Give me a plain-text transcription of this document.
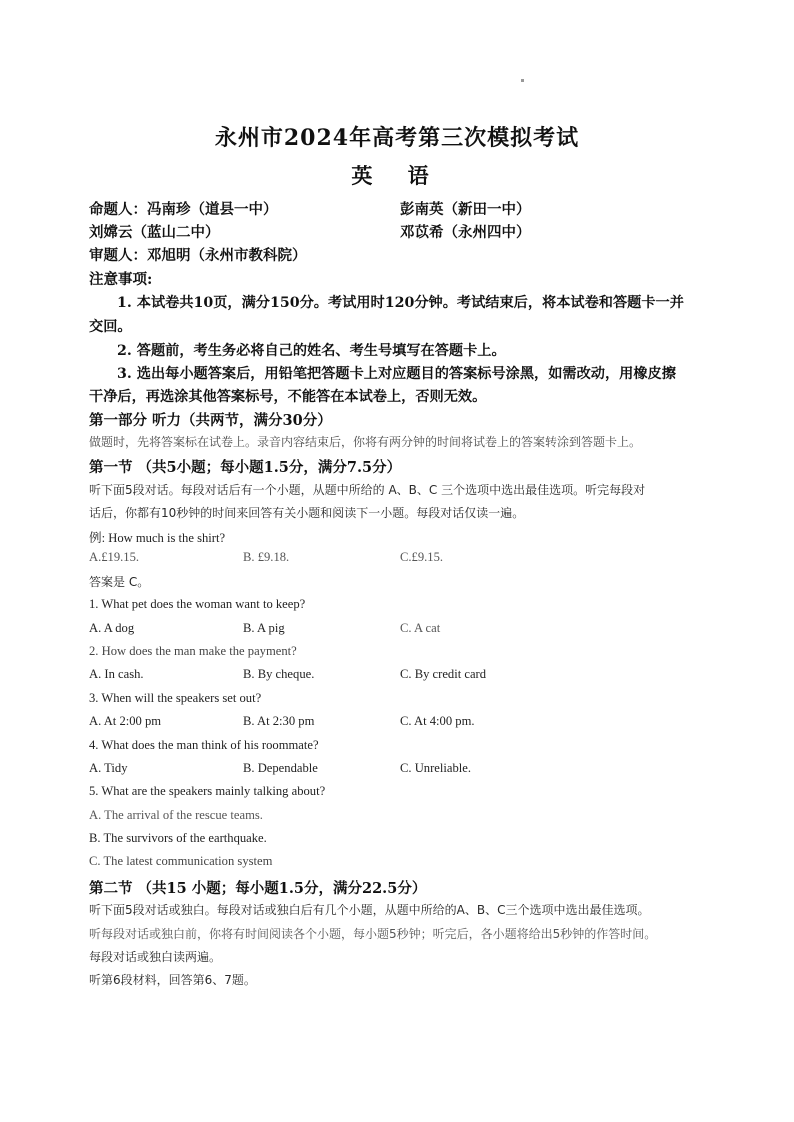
永州市2024年高考第三次模拟考试
英 语
命题人：冯南珍（道县一中）	彭南英（新田一中）
刘嫦云（蓝山二中）	邓苡希（永州四中）
审题人：邓旭明（永州市教科院）
注意事项:
1. 本试卷共10页，满分150分。考试用时120分钟。考试结束后，将本试卷和答题卡一并
交回。
2. 答题前，考生务必将自己的姓名、考生号填写在答题卡上。
3. 选出每小题答案后，用铅笔把答题卡上对应题目的答案标号涂黑，如需改动，用橡皮擦
干净后，再选涂其他答案标号，不能答在本试卷上，否则无效。
第一部分 听力（共两节，满分30分）
做题时，先将答案标在试卷上。录音内容结束后，你将有两分钟的时间将试卷上的答案转涂到答题卡上。
第一节 （共5小题；每小题1.5分，满分7.5分）
听下面5段对话。每段对话后有一个小题，从题中所给的 A、B、C 三个选项中选出最佳选项。听完每段对
话后，你都有10秒钟的时间来回答有关小题和阅读下一小题。每段对话仅读一遍。
例: How much is the shirt?
A.£19.15.	B. £9.18.	C.£9.15.
答案是 C。
1. What pet does the woman want to keep?
A. A dog	B. A pig	C. A cat
2. How does the man make the payment?
A. In cash.	B. By cheque.	C. By credit card
3. When will the speakers set out?
A. At 2:00 pm	B. At 2:30 pm	C. At 4:00 pm.
4. What does the man think of his roommate?
A. Tidy	B. Dependable	C. Unreliable.
5. What are the speakers mainly talking about?
A. The arrival of the rescue teams.
B. The survivors of the earthquake.
C. The latest communication system
第二节 （共15 小题；每小题1.5分，满分22.5分）
听下面5段对话或独白。每段对话或独白后有几个小题，从题中所给的A、B、C三个选项中选出最佳选项。
听每段对话或独白前，你将有时间阅读各个小题，每小题5秒钟；听完后，各小题将给出5秒钟的作答时间。
每段对话或独白读两遍。
听第6段材料，回答第6、7题。
